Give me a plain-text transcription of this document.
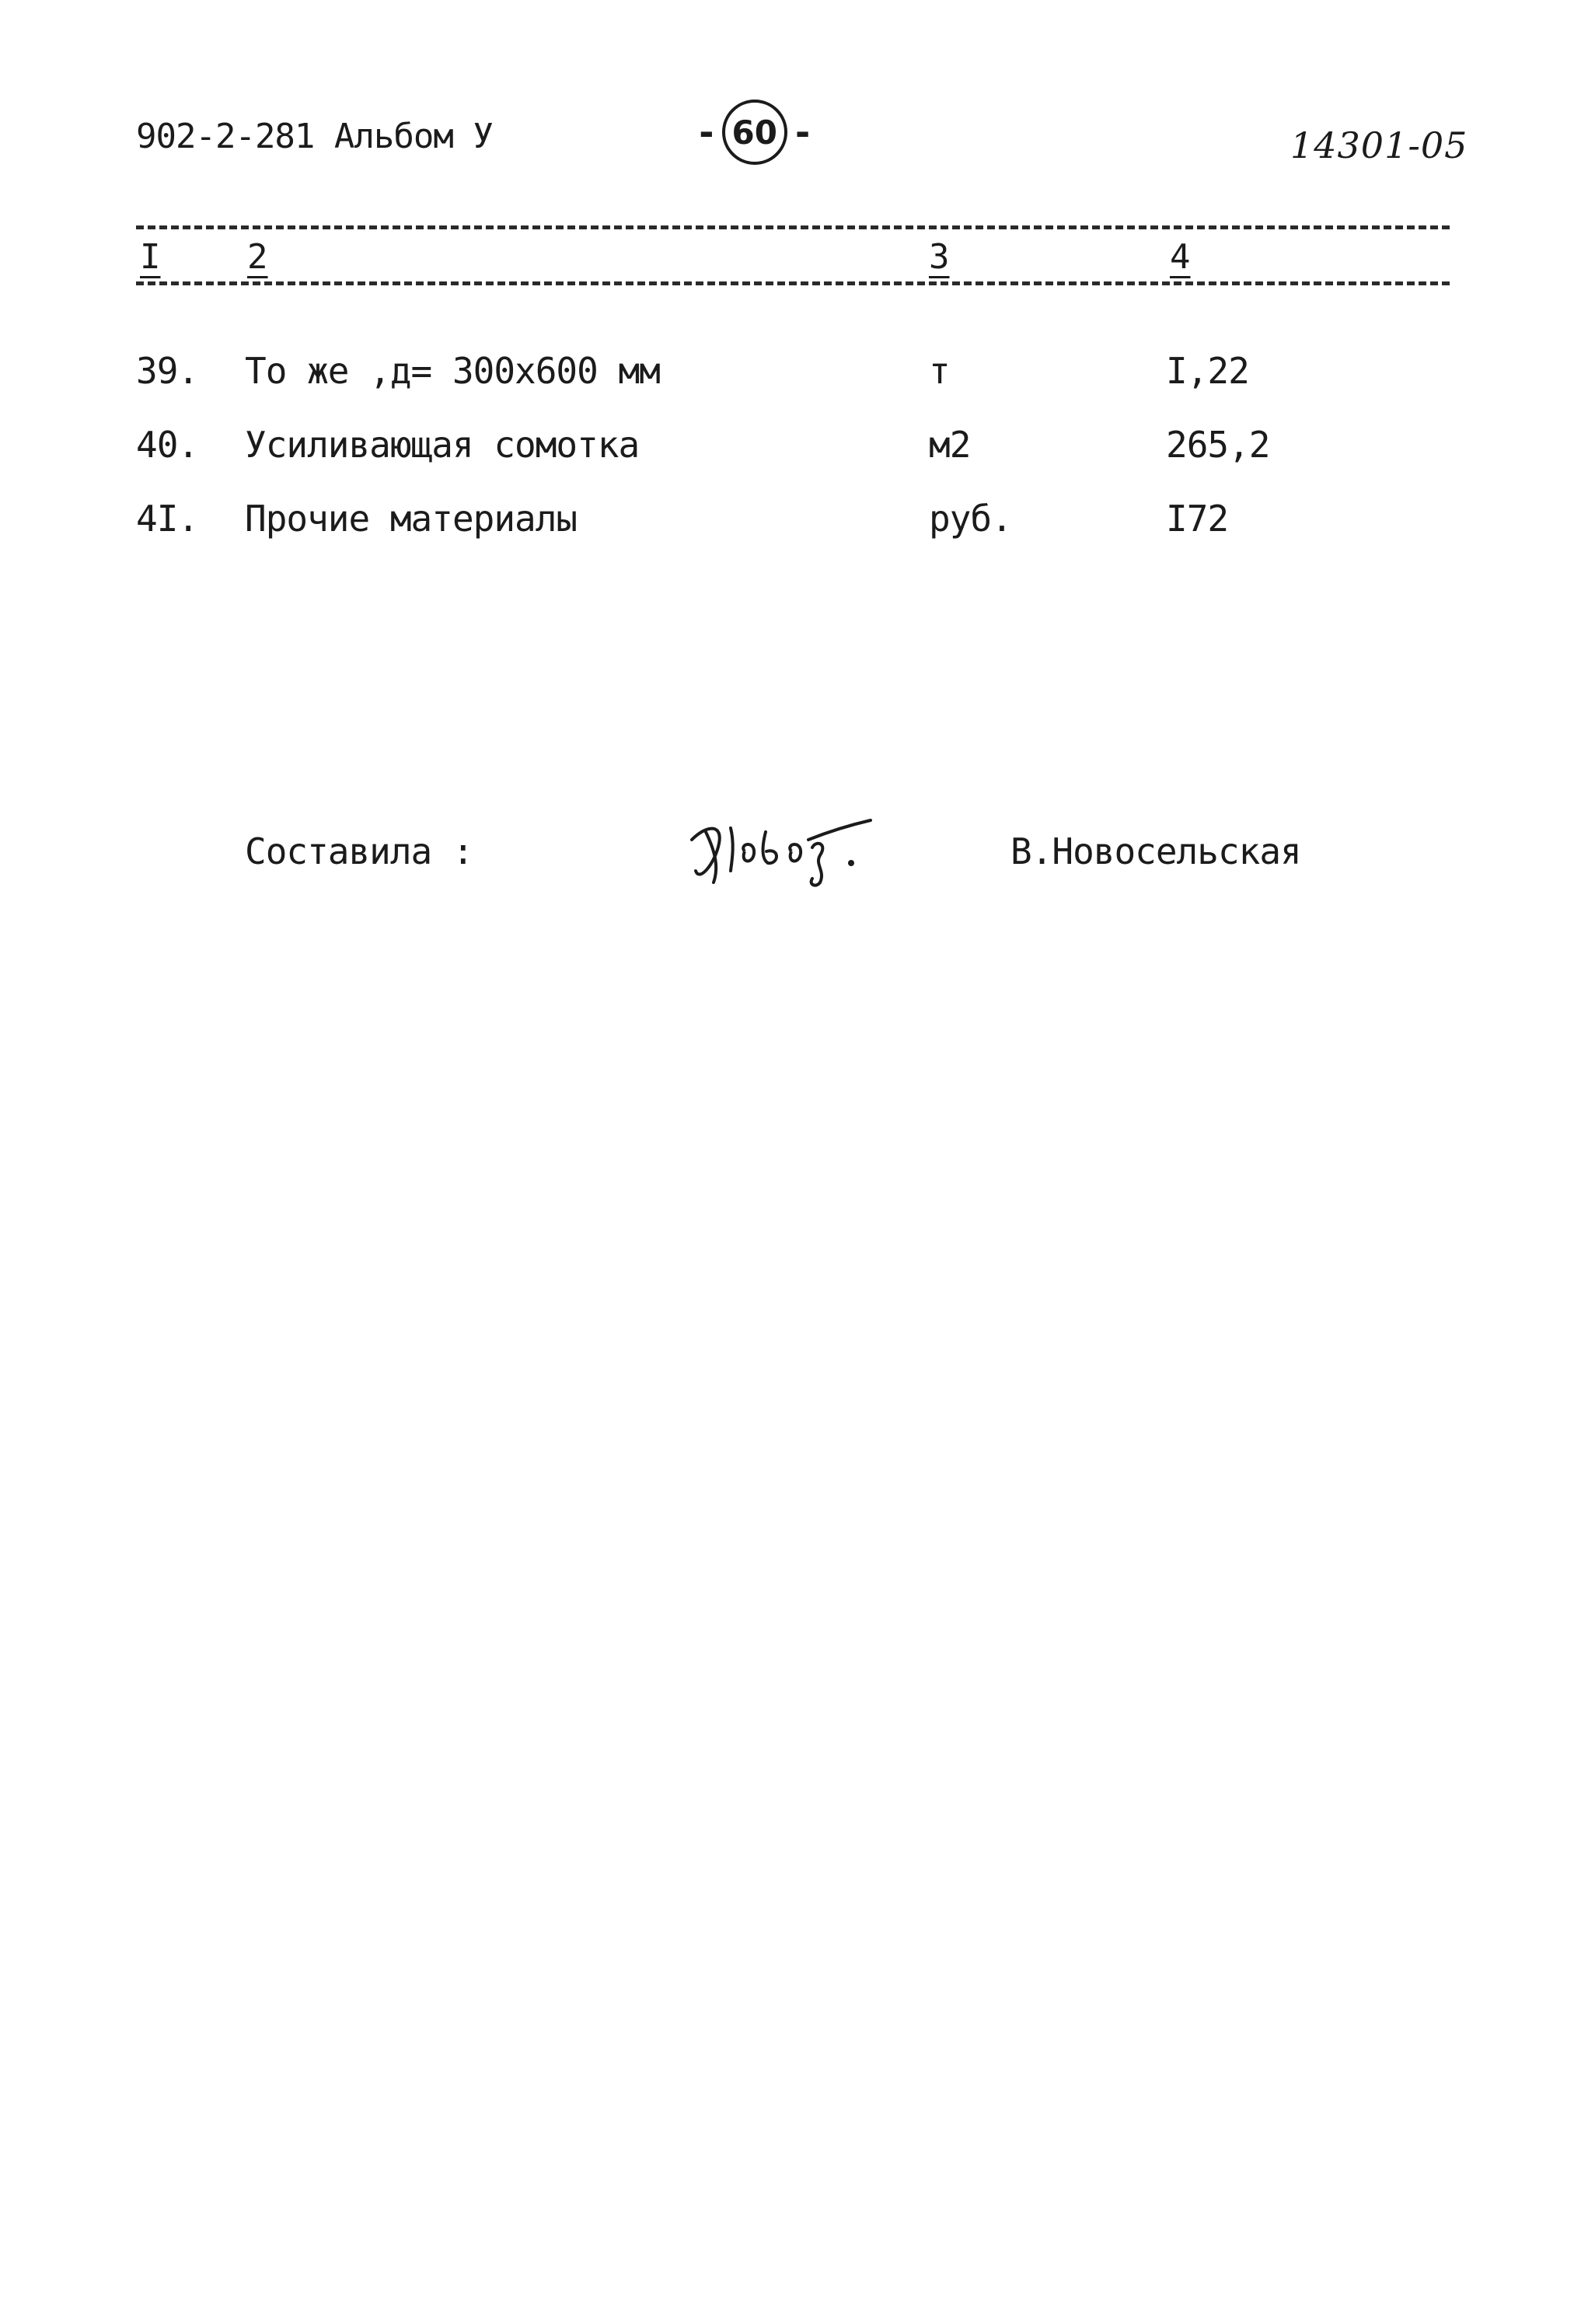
902-2-281 Альбом У	- 60 -	14301-05
I	2	3	4
39. То же ,д= 300х600 мм	т	I,22
40. Усиливающая сомотка	м2	265,2
4I. Прочие материалы	руб.	I72
Составила :	В.Новосельская
